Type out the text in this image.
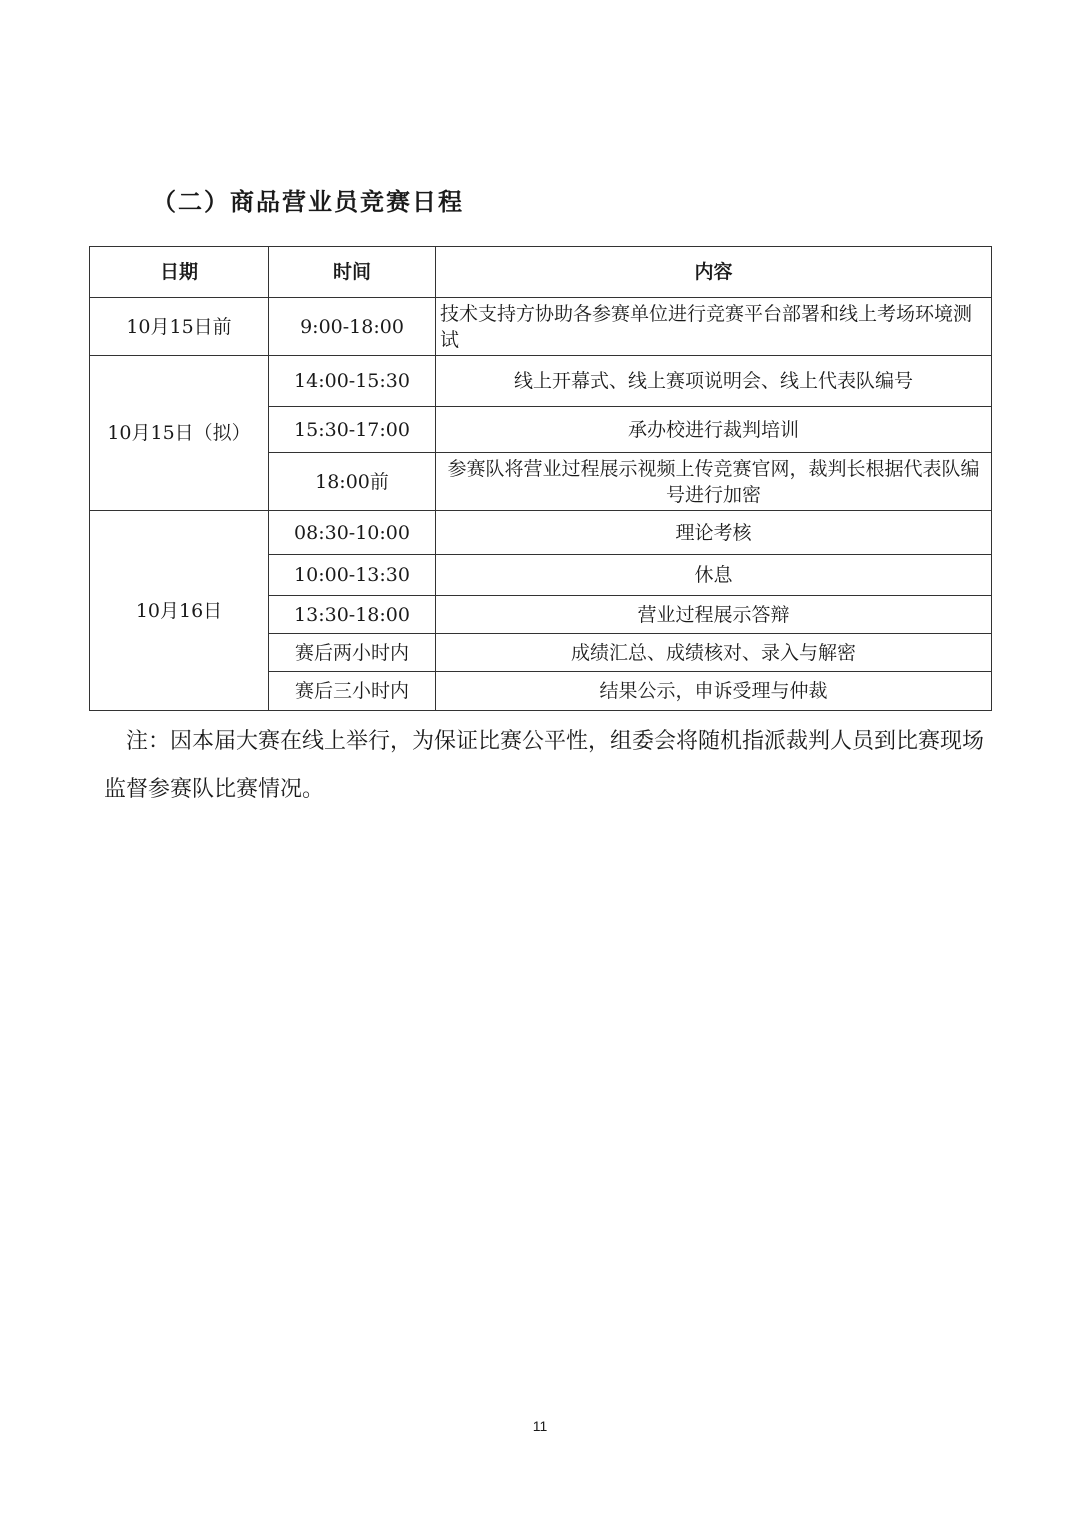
（二）商品营业员竞赛日程
日期	时间	内容
10月15日前	9:00-18:00	技术支持方协助各参赛单位进行竞赛平台部署和线上考场环境测试
10月15日（拟）	14:00-15:30	线上开幕式、线上赛项说明会、线上代表队编号
	15:30-17:00	承办校进行裁判培训
	18:00前	参赛队将营业过程展示视频上传竞赛官网，裁判长根据代表队编号进行加密
10月16日	08:30-10:00	理论考核
	10:00-13:30	休息
	13:30-18:00	营业过程展示答辩
	赛后两小时内	成绩汇总、成绩核对、录入与解密
	赛后三小时内	结果公示，申诉受理与仲裁

注：因本届大赛在线上举行，为保证比赛公平性，组委会将随机指派裁判人员到比赛现场监督参赛队比赛情况。

11
